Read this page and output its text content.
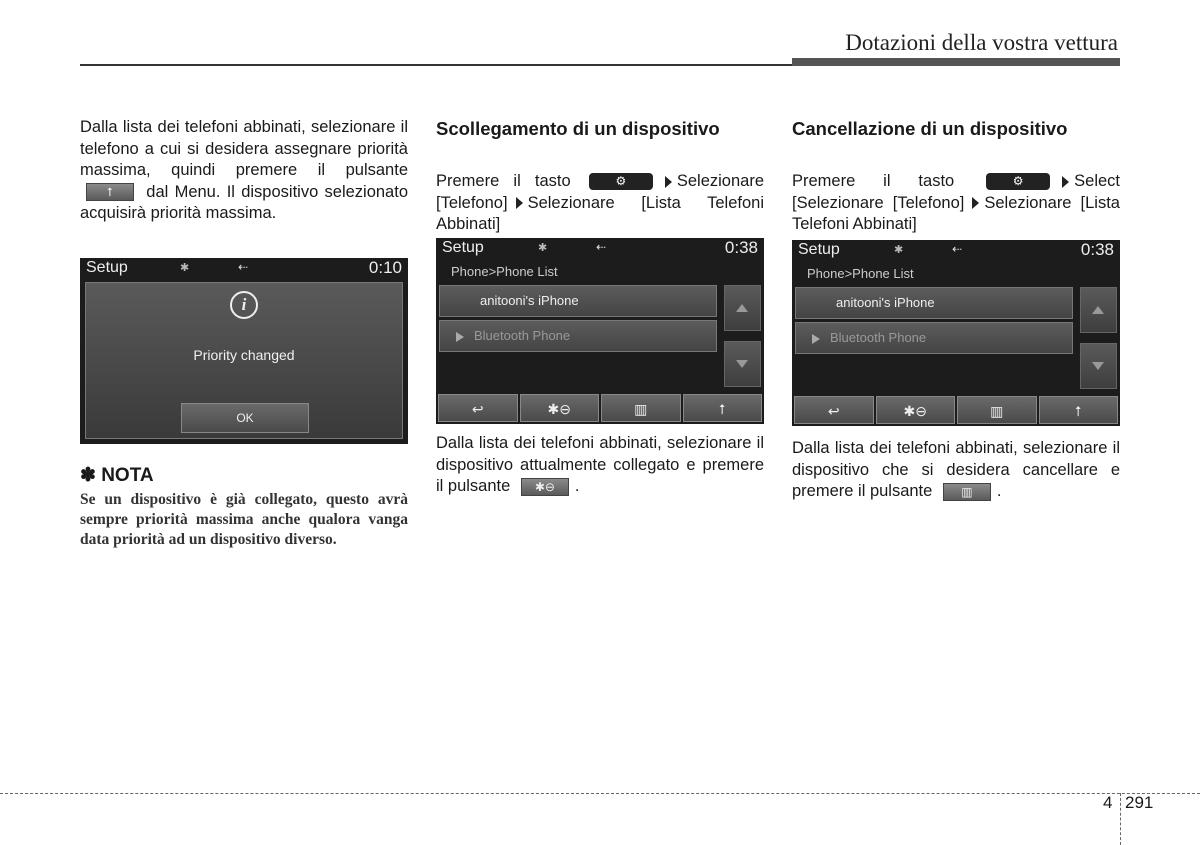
Dotazioni della vostra vettura
Dalla lista dei telefoni abbinati, selezionare il telefono a cui si desidera assegnare priorità massima, quindi premere il pulsante ⭡ dal Menu. Il dispositivo selezionato acquisirà priorità massima.
Setup	✱	⇠	0:10
i
Priority changed
OK
✽ NOTA
Se un dispositivo è già collegato, questo avrà sempre priorità massima anche qualora vanga data priorità ad un dispositivo diverso.
Scollegamento di un dispositivo
Premere il tasto	⚙	Selezionare [Telefono] Selezionare [Lista Telefoni Abbinati]
Setup	✱	⇠	0:38
Phone>Phone List
anitooni's iPhone
Bluetooth Phone
↩	✱⊖	▥	⭡
Dalla lista dei telefoni abbinati, selezionare il dispositivo attualmente collegato e premere il pulsante ✱⊖ .
Cancellazione di un dispositivo
Premere il tasto	⚙	Select [Selezionare [Telefono] Selezionare [Lista Telefoni Abbinati]
Setup	✱	⇠	0:38
Phone>Phone List
anitooni's iPhone
Bluetooth Phone
↩	✱⊖	▥	⭡
Dalla lista dei telefoni abbinati, selezionare il dispositivo che si desidera cancellare e premere il pulsante ▥ .
4 291
